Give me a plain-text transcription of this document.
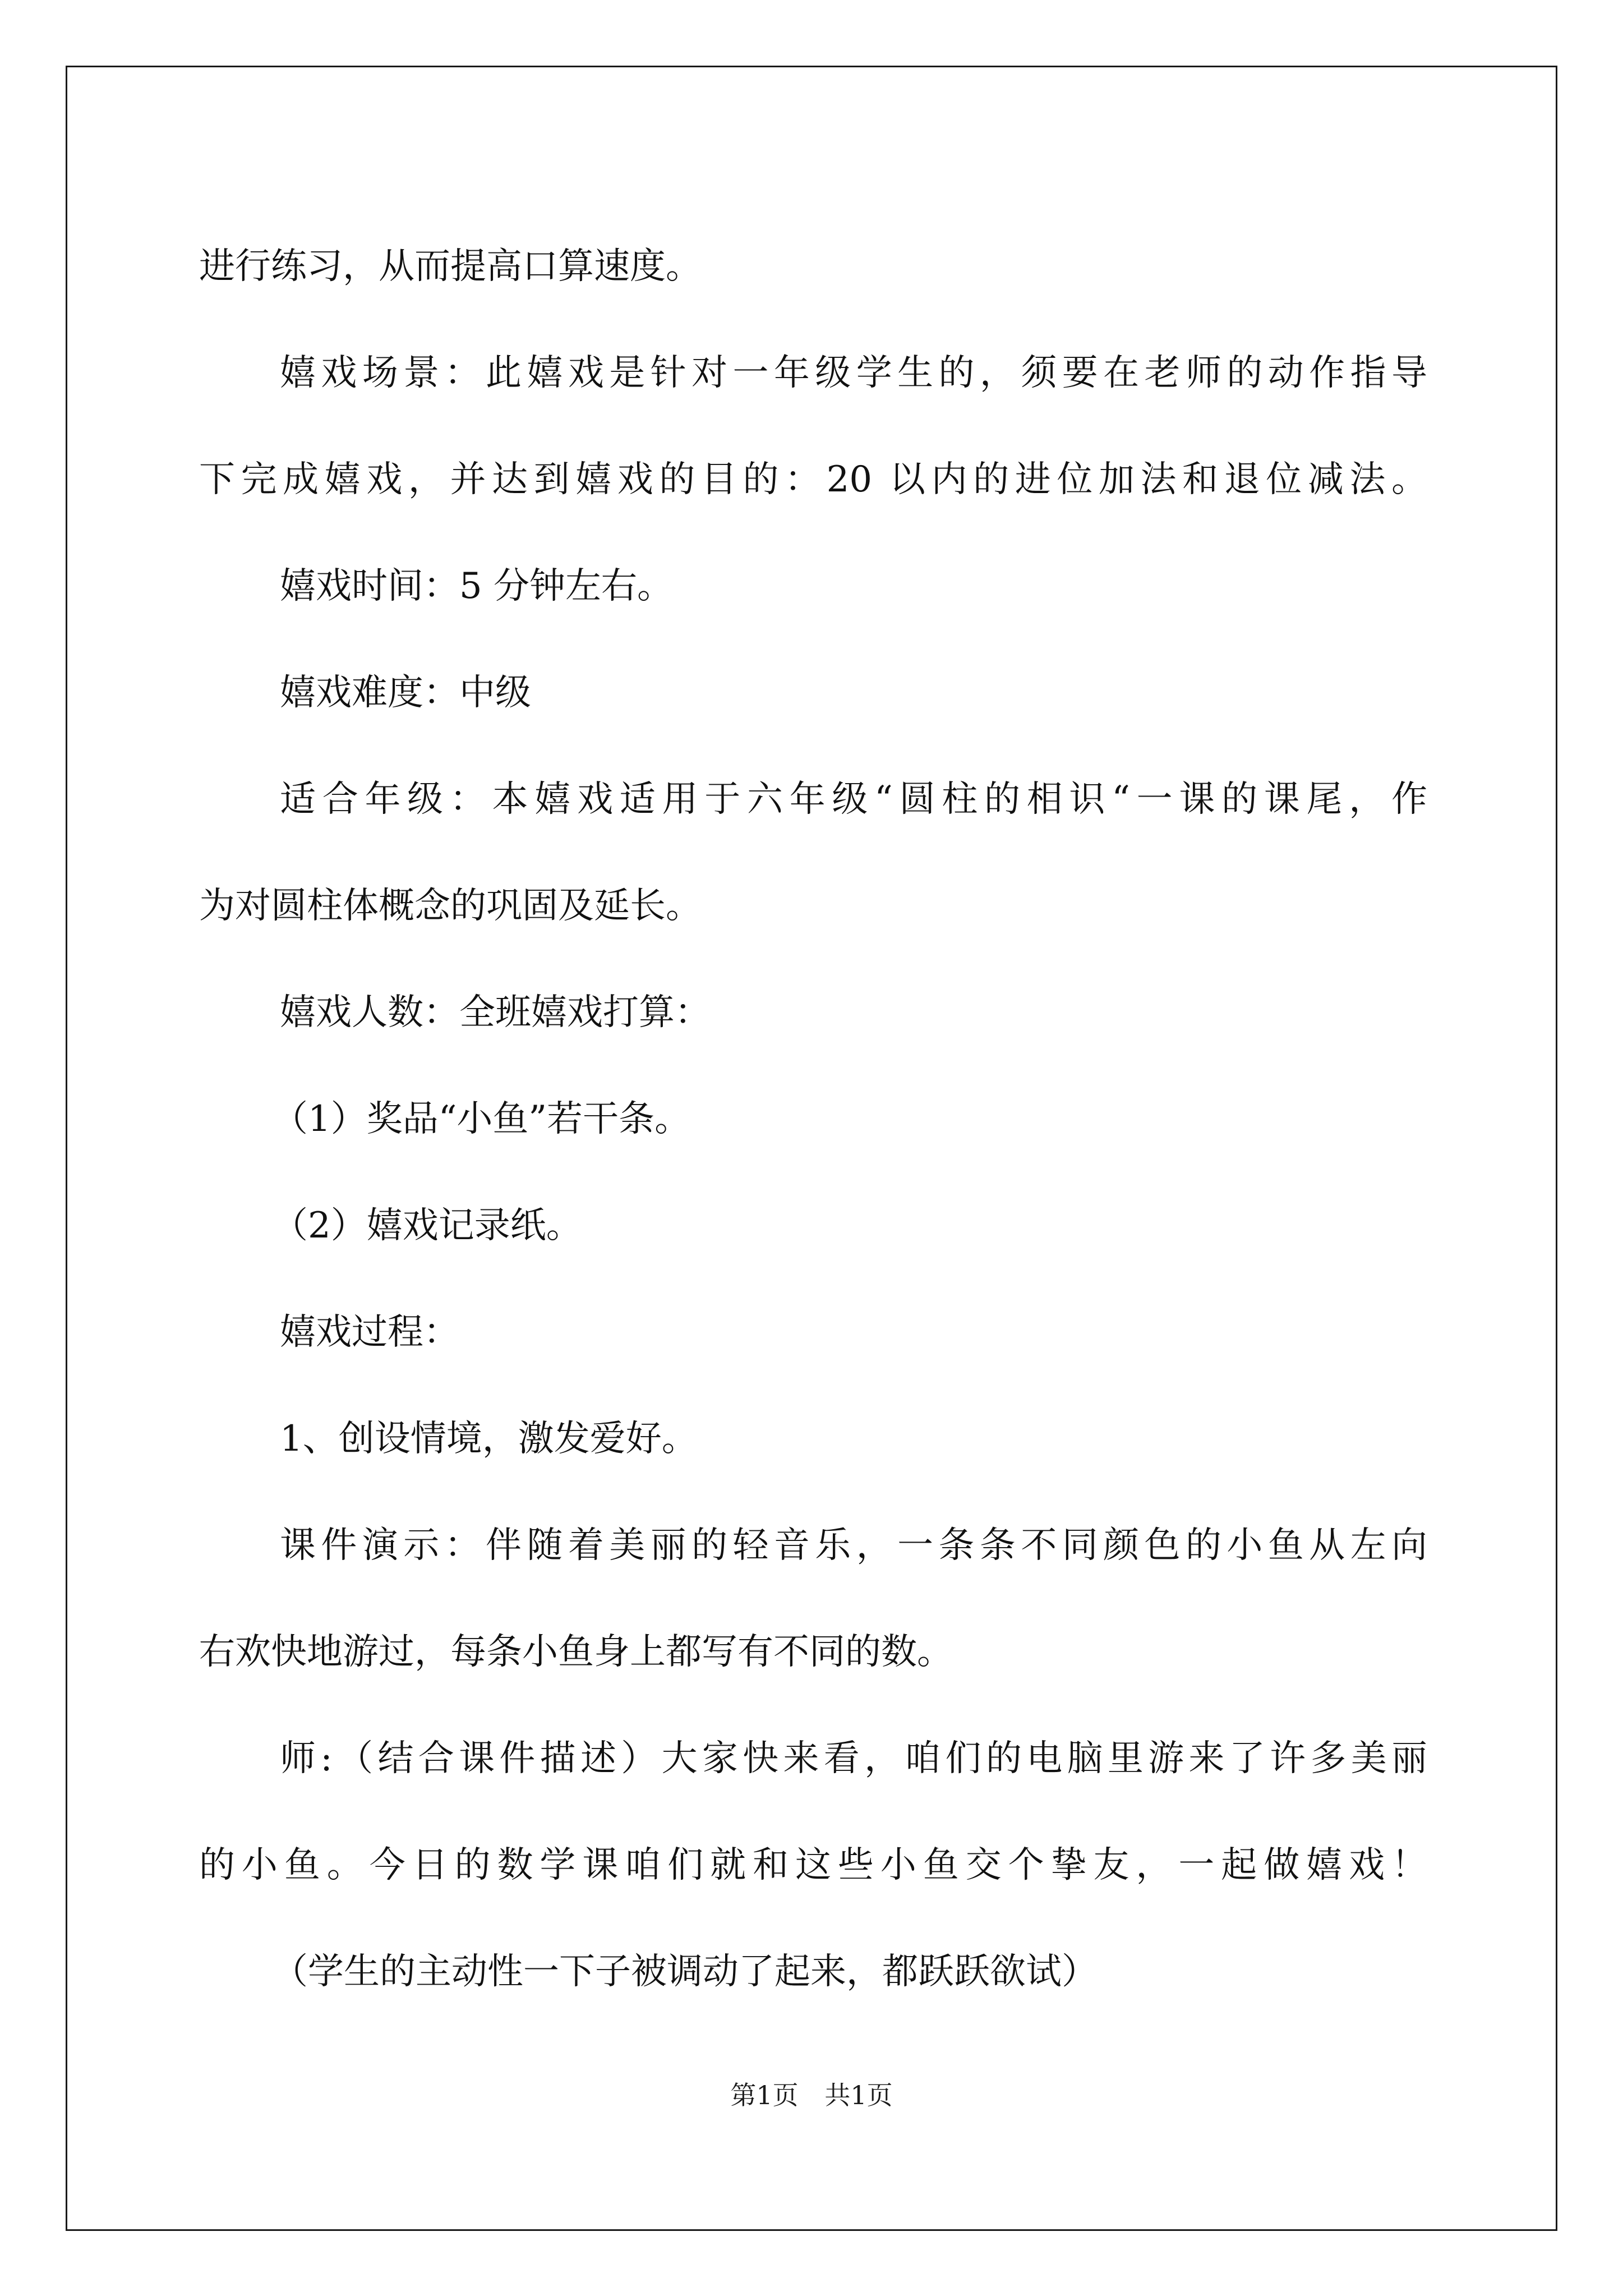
进行练习，从而提高口算速度。

嬉戏场景：此嬉戏是针对一年级学生的，须要在老师的动作指导
下完成嬉戏，并达到嬉戏的目的：20 以内的进位加法和退位减法。

嬉戏时间：5 分钟左右。

嬉戏难度：中级

适合年级：本嬉戏适用于六年级“圆柱的相识“一课的课尾，作
为对圆柱体概念的巩固及延长。

嬉戏人数：全班嬉戏打算：

（1）奖品“小鱼”若干条。

（2）嬉戏记录纸。

嬉戏过程：

1、创设情境，激发爱好。

课件演示：伴随着美丽的轻音乐，一条条不同颜色的小鱼从左向
右欢快地游过，每条小鱼身上都写有不同的数。

师:（结合课件描述）大家快来看，咱们的电脑里游来了许多美丽
的小鱼。今日的数学课咱们就和这些小鱼交个挚友，一起做嬉戏！

（学生的主动性一下子被调动了起来，都跃跃欲试）

第1页 共1页
